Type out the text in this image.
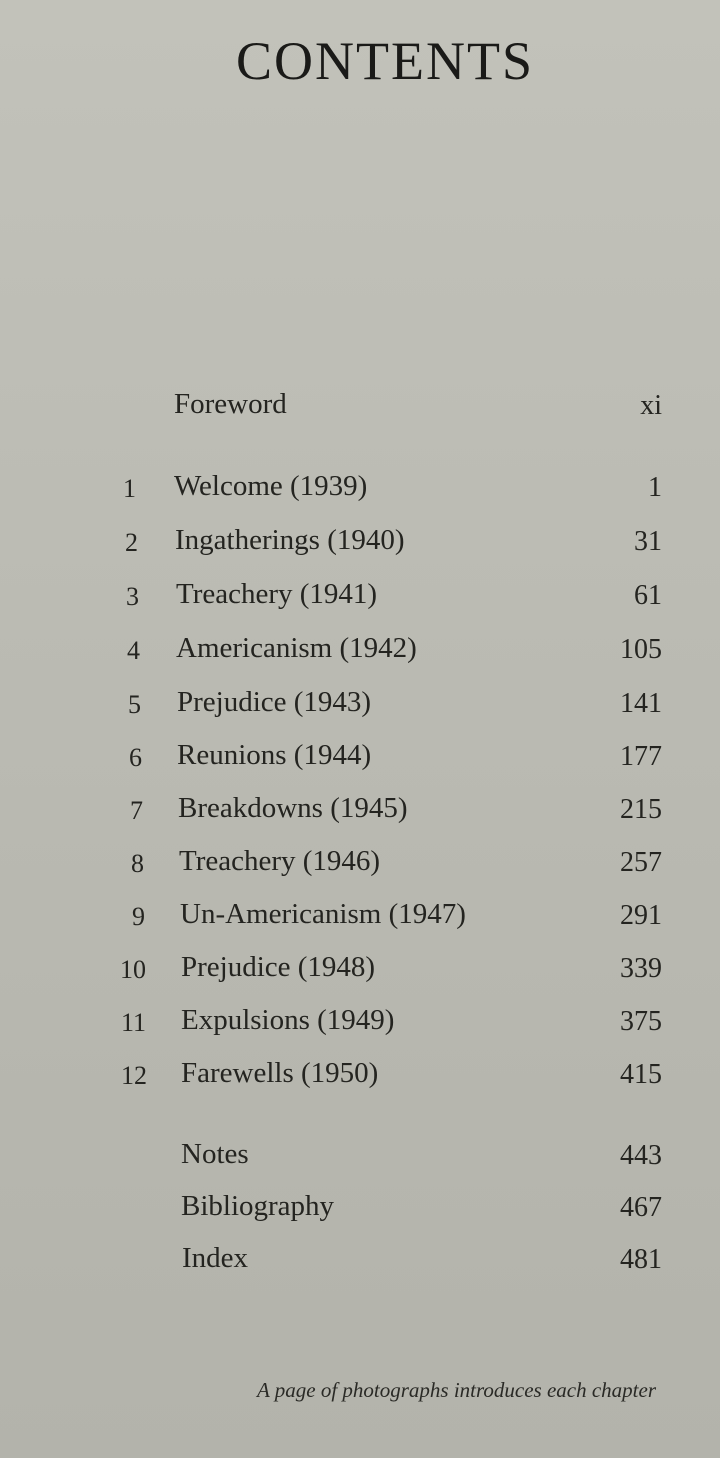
CONTENTS
Foreword	xi
1 Welcome (1939)	1
2 Ingatherings (1940)	31
3 Treachery (1941)	61
4 Americanism (1942)	105
5 Prejudice (1943)	141
6 Reunions (1944)	177
7 Breakdowns (1945)	215
8 Treachery (1946)	257
9 Un-Americanism (1947)	291
10 Prejudice (1948)	339
11 Expulsions (1949)	375
12 Farewells (1950)	415
Notes	443
Bibliography	467
Index	481
A page of photographs introduces each chapter
